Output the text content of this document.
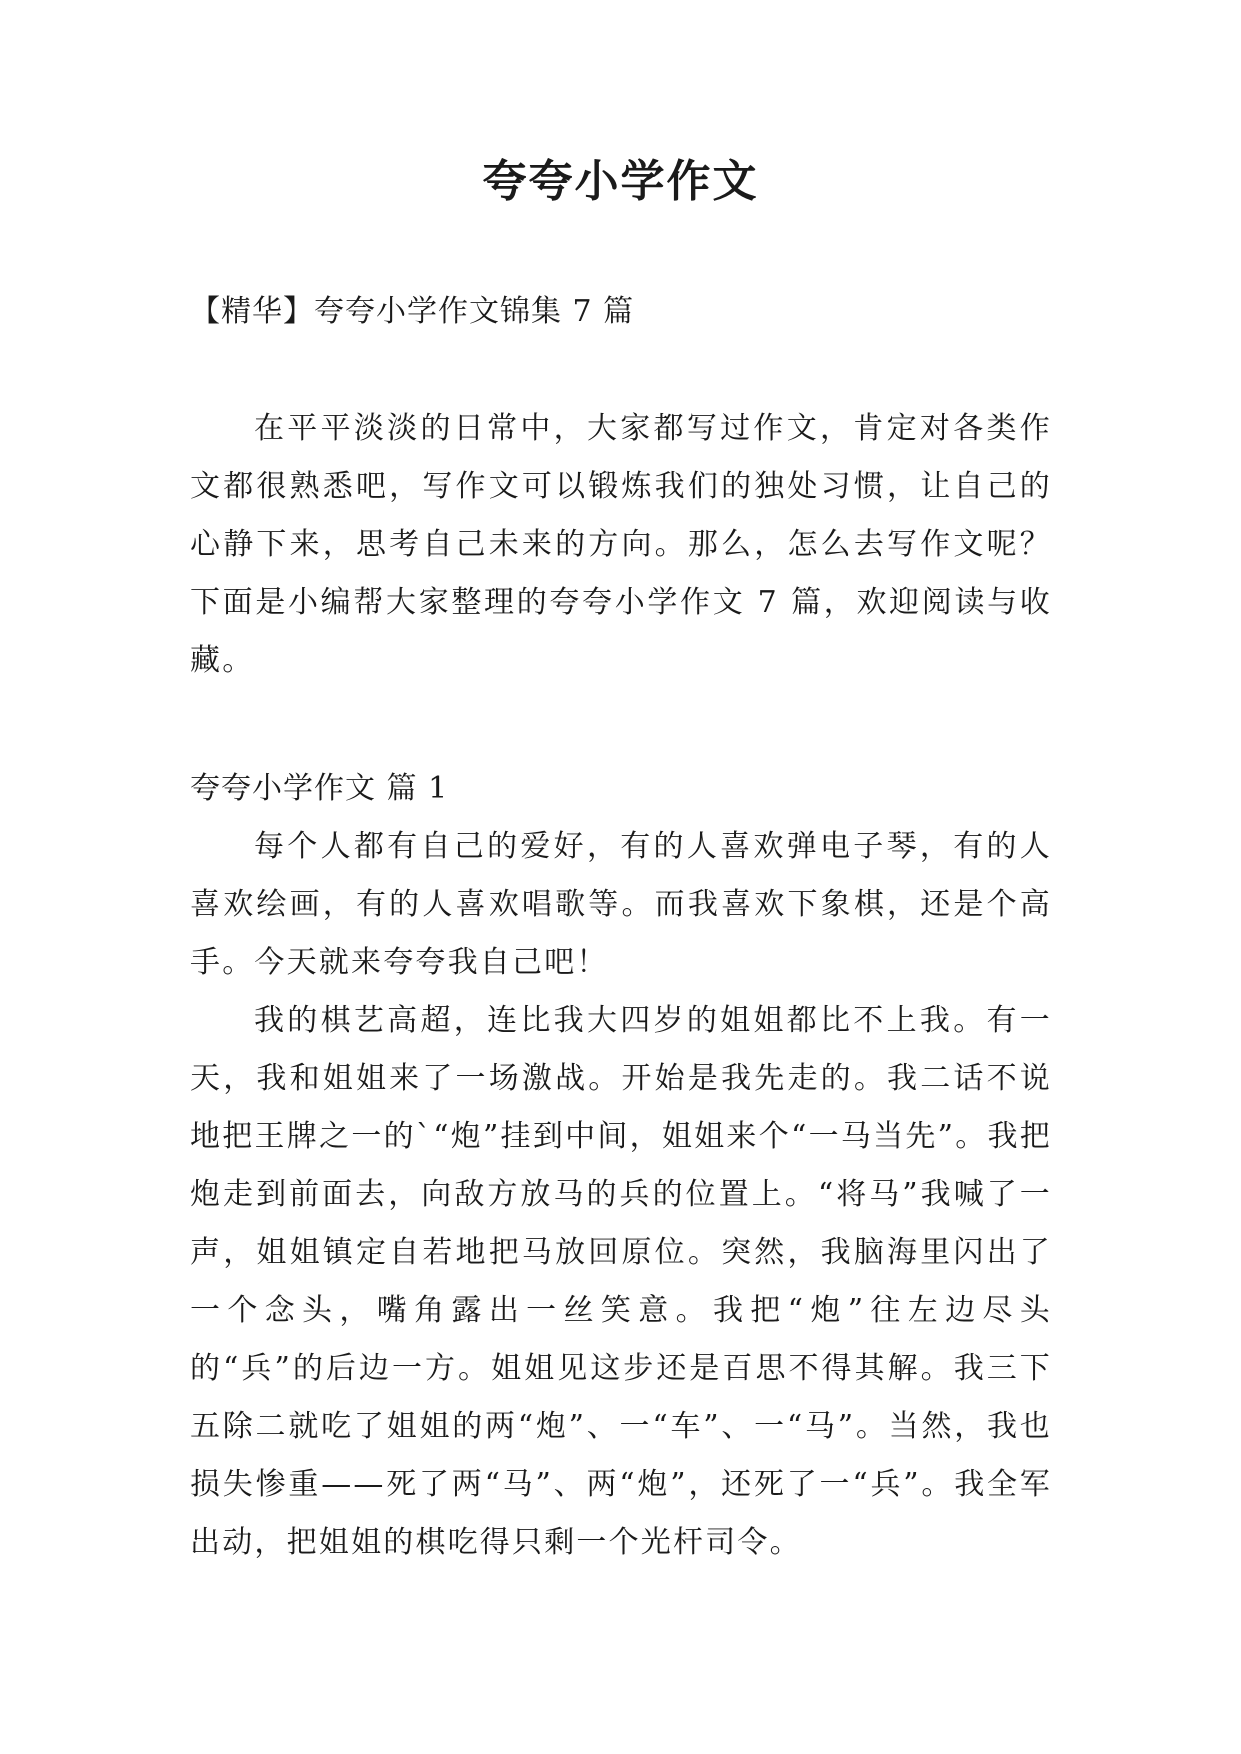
夸夸小学作文
【精华】夸夸小学作文锦集 7 篇

在平平淡淡的日常中，大家都写过作文，肯定对各类作文都很熟悉吧，写作文可以锻炼我们的独处习惯，让自己的心静下来，思考自己未来的方向。那么，怎么去写作文呢？下面是小编帮大家整理的夸夸小学作文 7 篇，欢迎阅读与收藏。

夸夸小学作文 篇 1

每个人都有自己的爱好，有的人喜欢弹电子琴，有的人喜欢绘画，有的人喜欢唱歌等。而我喜欢下象棋，还是个高手。今天就来夸夸我自己吧！

我的棋艺高超，连比我大四岁的姐姐都比不上我。有一天，我和姐姐来了一场激战。开始是我先走的。我二话不说地把王牌之一的`“炮”挂到中间，姐姐来个“一马当先”。我把炮走到前面去，向敌方放马的兵的位置上。“将马”我喊了一声，姐姐镇定自若地把马放回原位。突然，我脑海里闪出了一个念头，嘴角露出一丝笑意。我把“炮”往左边尽头的“兵”的后边一方。姐姐见这步还是百思不得其解。我三下五除二就吃了姐姐的两“炮”、一“车”、一“马”。当然，我也损失惨重——死了两“马”、两“炮”，还死了一“兵”。我全军出动，把姐姐的棋吃得只剩一个光杆司令。
